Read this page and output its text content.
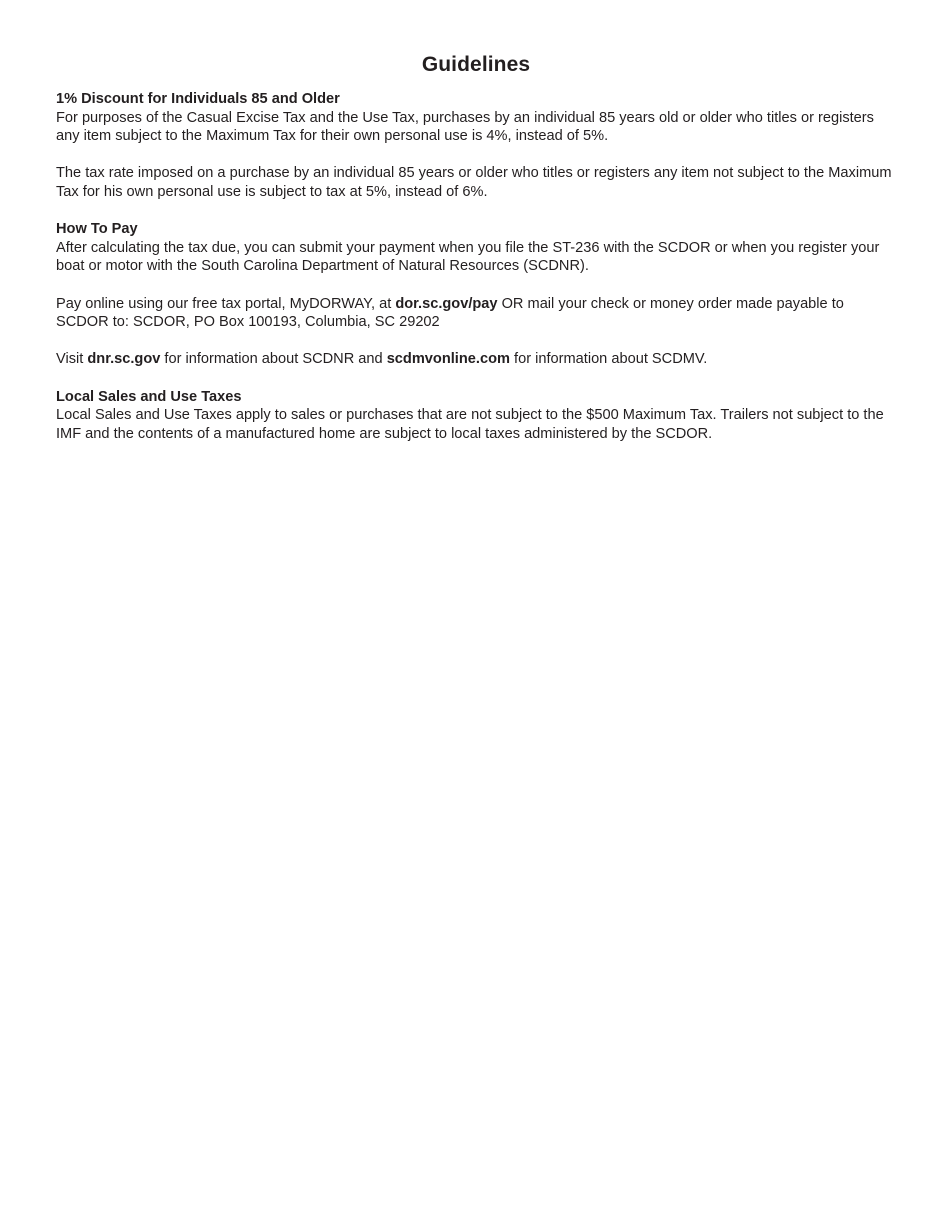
Guidelines
1% Discount for Individuals 85 and Older

For purposes of the Casual Excise Tax and the Use Tax, purchases by an individual 85 years old or older who titles or registers any item subject to the Maximum Tax for their own personal use is 4%, instead of 5%.

The tax rate imposed on a purchase by an individual 85 years or older who titles or registers any item not subject to the Maximum Tax for his own personal use is subject to tax at 5%, instead of 6%.

How To Pay

After calculating the tax due, you can submit your payment when you file the ST-236 with the SCDOR or when you register your boat or motor with the South Carolina Department of Natural Resources (SCDNR).

Pay online using our free tax portal, MyDORWAY, at dor.sc.gov/pay OR mail your check or money order made payable to SCDOR to: SCDOR, PO Box 100193, Columbia, SC 29202

Visit dnr.sc.gov for information about SCDNR and scdmvonline.com for information about SCDMV.

Local Sales and Use Taxes

Local Sales and Use Taxes apply to sales or purchases that are not subject to the $500 Maximum Tax. Trailers not subject to the IMF and the contents of a manufactured home are subject to local taxes administered by the SCDOR.
